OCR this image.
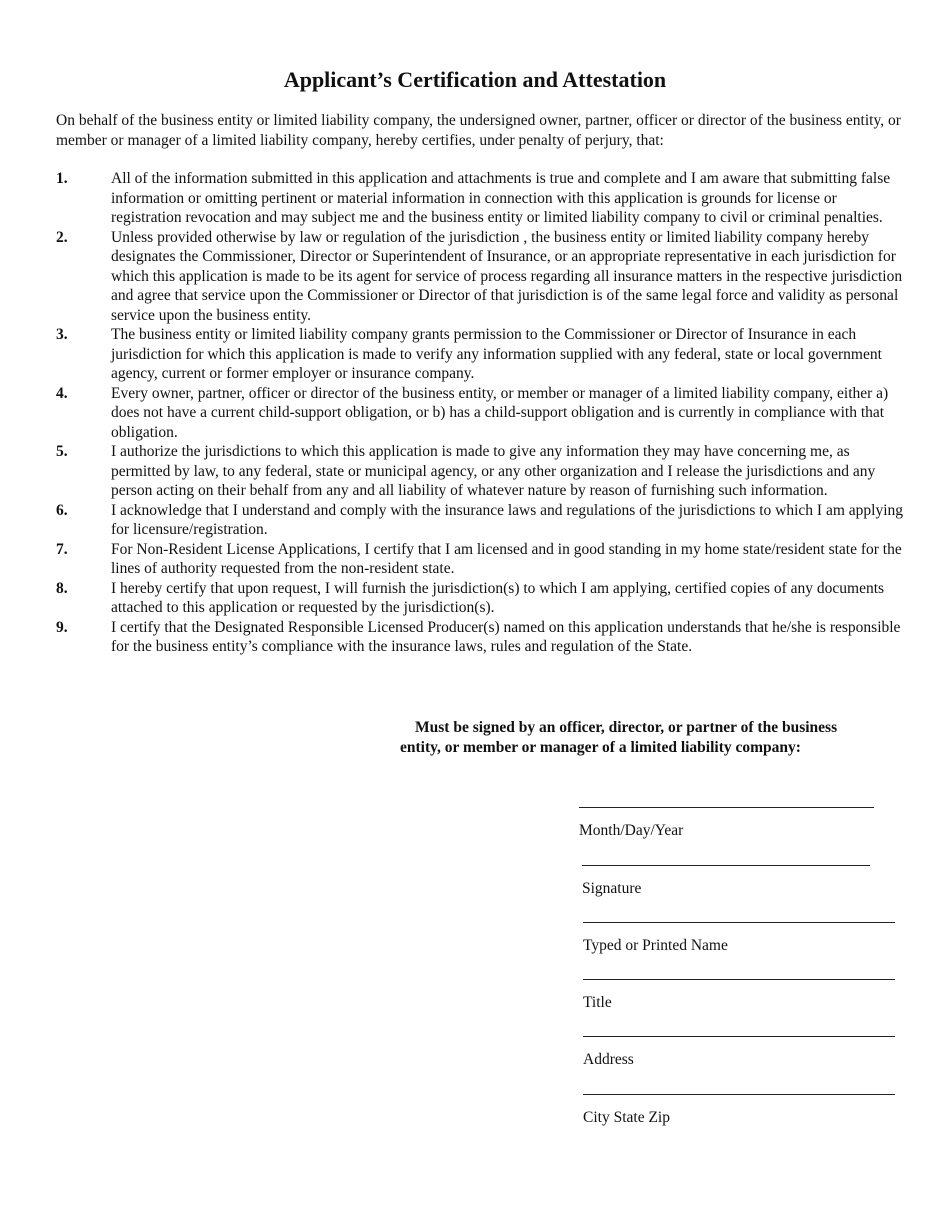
Applicant’s Certification and Attestation
On behalf of the business entity or limited liability company, the undersigned owner, partner, officer or director of the business entity, or member or manager of a limited liability company, hereby certifies, under penalty of perjury, that:
1.	All of the information submitted in this application and attachments is true and complete and I am aware that submitting false information or omitting pertinent or material information in connection with this application is grounds for license or registration revocation and may subject me and the business entity or limited liability company to civil or criminal penalties.
2.	Unless provided otherwise by law or regulation of the jurisdiction , the business entity or limited liability company hereby designates the Commissioner, Director or Superintendent of Insurance, or an appropriate representative in each jurisdiction for which this application is made to be its agent for service of process regarding all insurance matters in the respective jurisdiction and agree that service upon the Commissioner or Director of that jurisdiction is of the same legal force and validity as personal service upon the business entity.
3.	The business entity or limited liability company grants permission to the Commissioner or Director of Insurance in each jurisdiction for which this application is made to verify any information supplied with any federal, state or local government agency, current or former employer or insurance company.
4.	Every owner, partner, officer or director of the business entity, or member or manager of a limited liability company, either a) does not have a current child-support obligation, or b) has a child-support obligation and is currently in compliance with that obligation.
5.	I authorize the jurisdictions to which this application is made to give any information they may have concerning me, as permitted by law, to any federal, state or municipal agency, or any other organization and I release the jurisdictions and any person acting on their behalf from any and all liability of whatever nature by reason of furnishing such information.
6.	I acknowledge that I understand and comply with the insurance laws and regulations of the jurisdictions to which I am applying for licensure/registration.
7.	For Non-Resident License Applications, I certify that I am licensed and in good standing in my home state/resident state for the lines of authority requested from the non-resident state.
8.	I hereby certify that upon request, I will furnish the jurisdiction(s) to which I am applying, certified copies of any documents attached to this application or requested by the jurisdiction(s).
9.	I certify that the Designated Responsible Licensed Producer(s) named on this application understands that he/she is responsible for the business entity’s compliance with the insurance laws, rules and regulation of the State.
Must be signed by an officer, director, or partner of the business
entity, or member or manager of a limited liability company:
Month/Day/Year
Signature
Typed or Printed Name
Title
Address
City State Zip
